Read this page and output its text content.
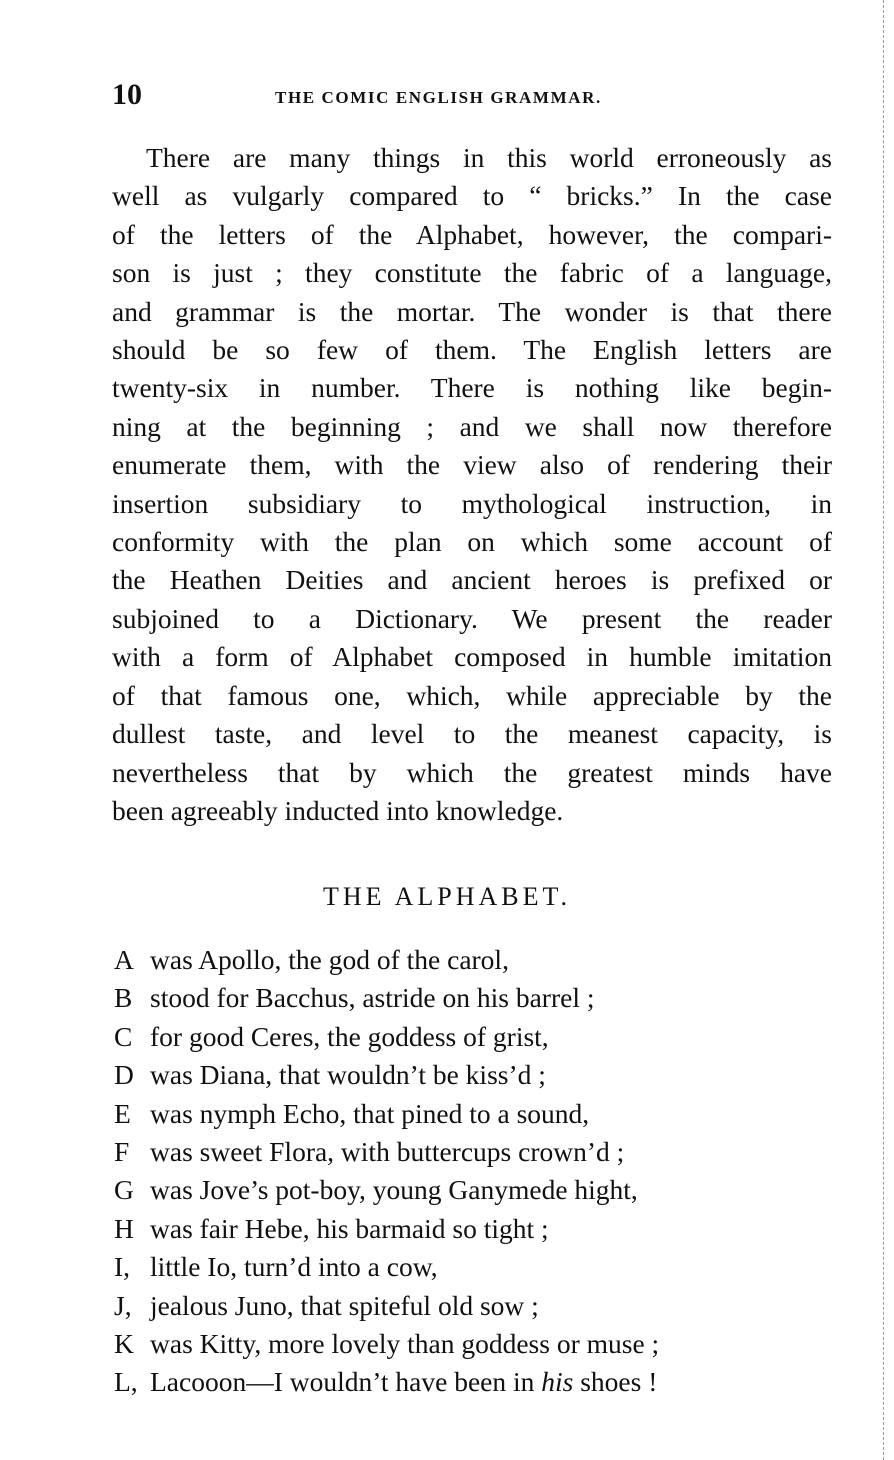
10	THE COMIC ENGLISH GRAMMAR.
There are many things in this world erroneously as
well as vulgarly compared to “ bricks.” In the case
of the letters of the Alphabet, however, the compari-
son is just ; they constitute the fabric of a language,
and grammar is the mortar. The wonder is that there
should be so few of them. The English letters are
twenty-six in number. There is nothing like begin-
ning at the beginning ; and we shall now therefore
enumerate them, with the view also of rendering their
insertion subsidiary to mythological instruction, in
conformity with the plan on which some account of
the Heathen Deities and ancient heroes is prefixed or
subjoined to a Dictionary. We present the reader
with a form of Alphabet composed in humble imitation
of that famous one, which, while appreciable by the
dullest taste, and level to the meanest capacity, is
nevertheless that by which the greatest minds have
been agreeably inducted into knowledge.
THE ALPHABET.
A was Apollo, the god of the carol,
B stood for Bacchus, astride on his barrel ;
C for good Ceres, the goddess of grist,
D was Diana, that wouldn’t be kiss’d ;
E was nymph Echo, that pined to a sound,
F was sweet Flora, with buttercups crown’d ;
G was Jove’s pot-boy, young Ganymede hight,
H was fair Hebe, his barmaid so tight ;
I, little Io, turn’d into a cow,
J, jealous Juno, that spiteful old sow ;
K was Kitty, more lovely than goddess or muse ;
L, Lacooon—I wouldn’t have been in his shoes !
